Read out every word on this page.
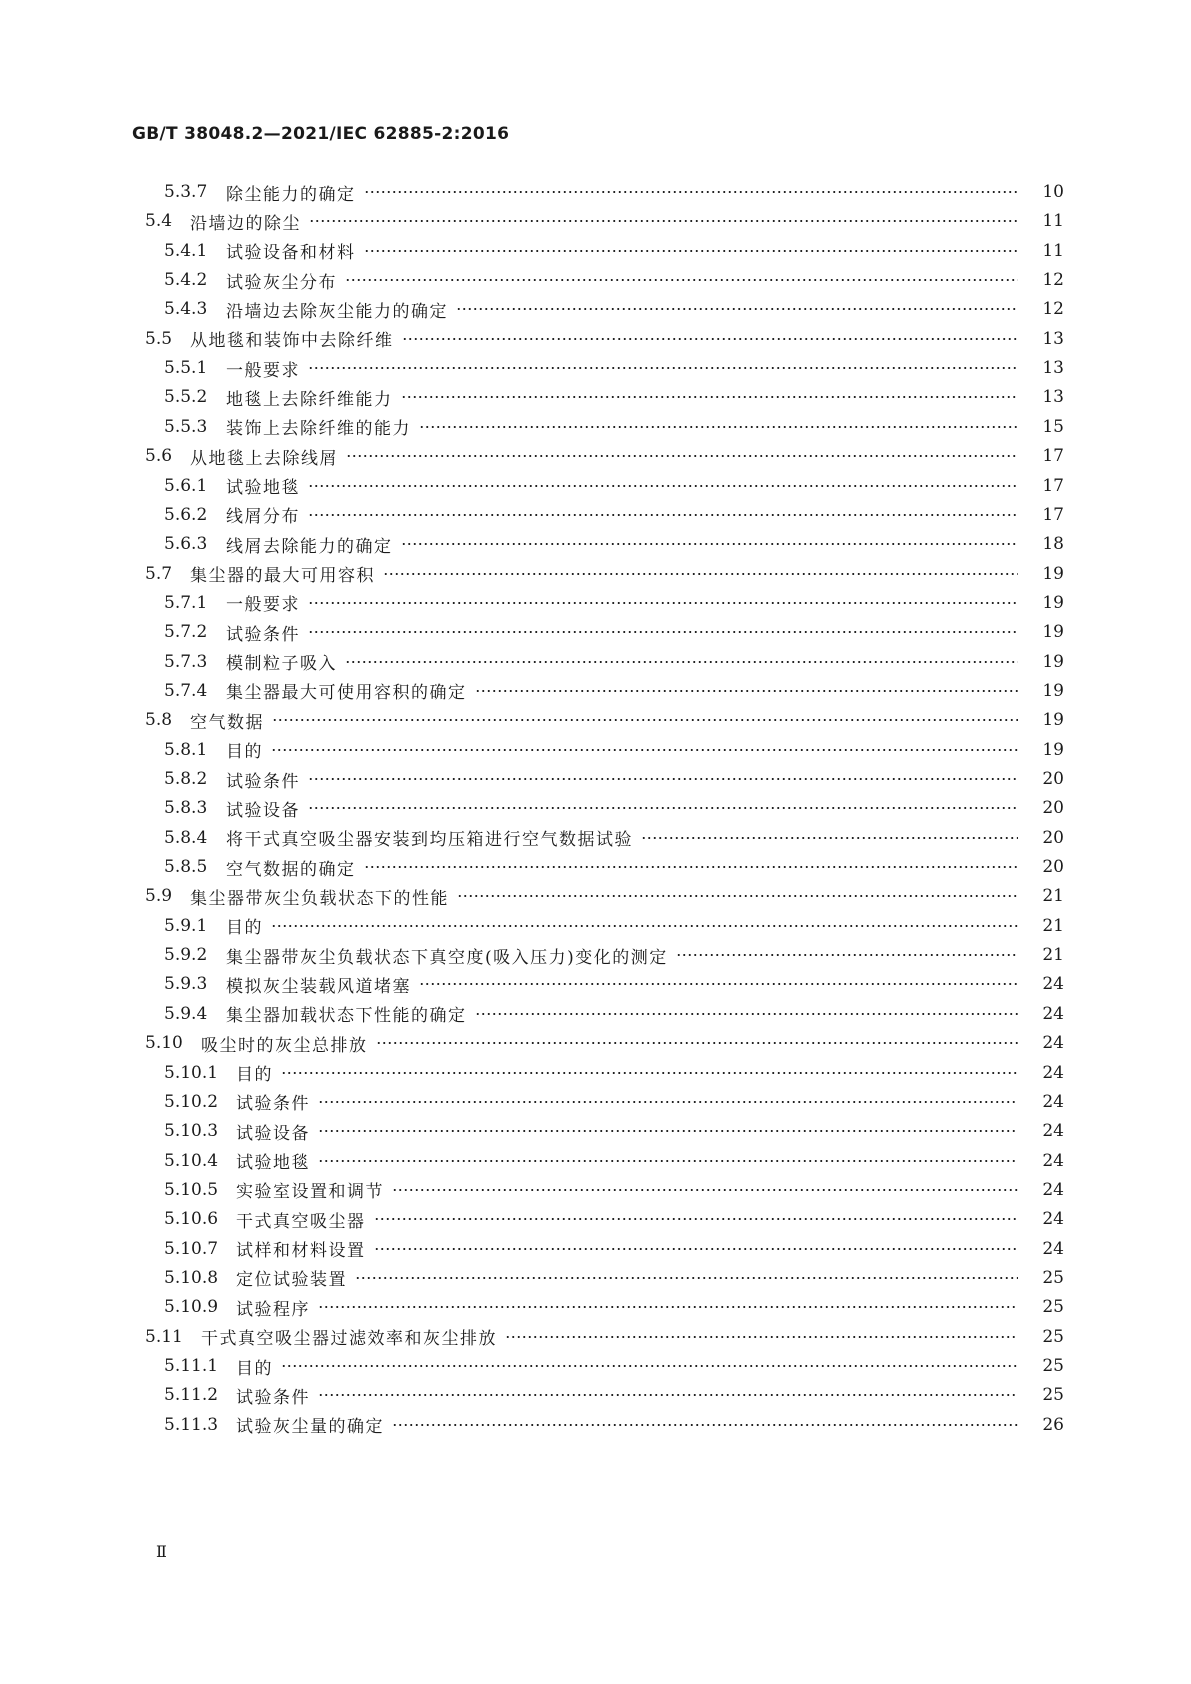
GB/T 38048.2—2021/IEC 62885-2:2016
5.3.7	除尘能力的确定	10
5.4	沿墙边的除尘	11
5.4.1	试验设备和材料	11
5.4.2	试验灰尘分布	12
5.4.3	沿墙边去除灰尘能力的确定	12
5.5	从地毯和装饰中去除纤维	13
5.5.1	一般要求	13
5.5.2	地毯上去除纤维能力	13
5.5.3	装饰上去除纤维的能力	15
5.6	从地毯上去除线屑	17
5.6.1	试验地毯	17
5.6.2	线屑分布	17
5.6.3	线屑去除能力的确定	18
5.7	集尘器的最大可用容积	19
5.7.1	一般要求	19
5.7.2	试验条件	19
5.7.3	模制粒子吸入	19
5.7.4	集尘器最大可使用容积的确定	19
5.8	空气数据	19
5.8.1	目的	19
5.8.2	试验条件	20
5.8.3	试验设备	20
5.8.4	将干式真空吸尘器安装到均压箱进行空气数据试验	20
5.8.5	空气数据的确定	20
5.9	集尘器带灰尘负载状态下的性能	21
5.9.1	目的	21
5.9.2	集尘器带灰尘负载状态下真空度(吸入压力)变化的测定	21
5.9.3	模拟灰尘装载风道堵塞	24
5.9.4	集尘器加载状态下性能的确定	24
5.10	吸尘时的灰尘总排放	24
5.10.1	目的	24
5.10.2	试验条件	24
5.10.3	试验设备	24
5.10.4	试验地毯	24
5.10.5	实验室设置和调节	24
5.10.6	干式真空吸尘器	24
5.10.7	试样和材料设置	24
5.10.8	定位试验装置	25
5.10.9	试验程序	25
5.11	干式真空吸尘器过滤效率和灰尘排放	25
5.11.1	目的	25
5.11.2	试验条件	25
5.11.3	试验灰尘量的确定	26
Ⅱ
